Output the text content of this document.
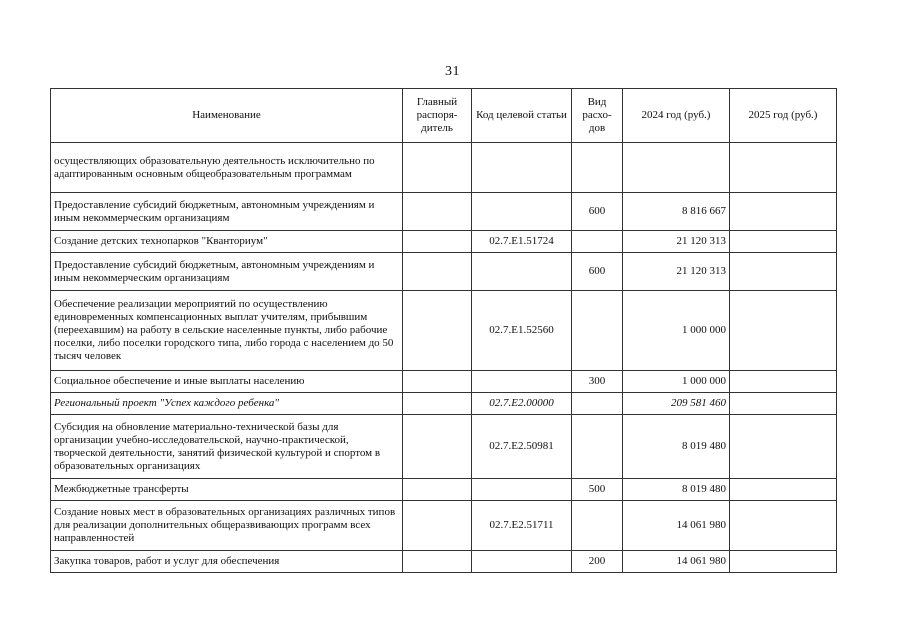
31
Наименование	Главный распоря-дитель	Код целевой статьи	Вид расхо-дов	2024 год (руб.)	2025 год (руб.)
осуществляющих образовательную деятельность исключительно по адаптированным основным общеобразовательным программам					
Предоставление субсидий бюджетным, автономным учреждениям и иным некоммерческим организациям			600	8 816 667	
Создание детских технопарков "Кванториум"		02.7.E1.51724		21 120 313	
Предоставление субсидий бюджетным, автономным учреждениям и иным некоммерческим организациям			600	21 120 313	
Обеспечение реализации мероприятий по осуществлению единовременных компенсационных выплат учителям, прибывшим (переехавшим) на работу в сельские населенные пункты, либо рабочие поселки, либо поселки городского типа, либо города с населением до 50 тысяч человек		02.7.E1.52560		1 000 000	
Социальное обеспечение и иные выплаты населению			300	1 000 000	
Региональный проект "Успех каждого ребенка"		02.7.E2.00000		209 581 460	
Субсидия на обновление материально-технической базы для организации учебно-исследовательской, научно-практической, творческой деятельности, занятий физической культурой и спортом в образовательных организациях		02.7.E2.50981		8 019 480	
Межбюджетные трансферты			500	8 019 480	
Создание новых мест в образовательных организациях различных типов для реализации дополнительных общеразвивающих программ всех направленностей		02.7.E2.51711		14 061 980	
Закупка товаров, работ и услуг для обеспечения			200	14 061 980	
